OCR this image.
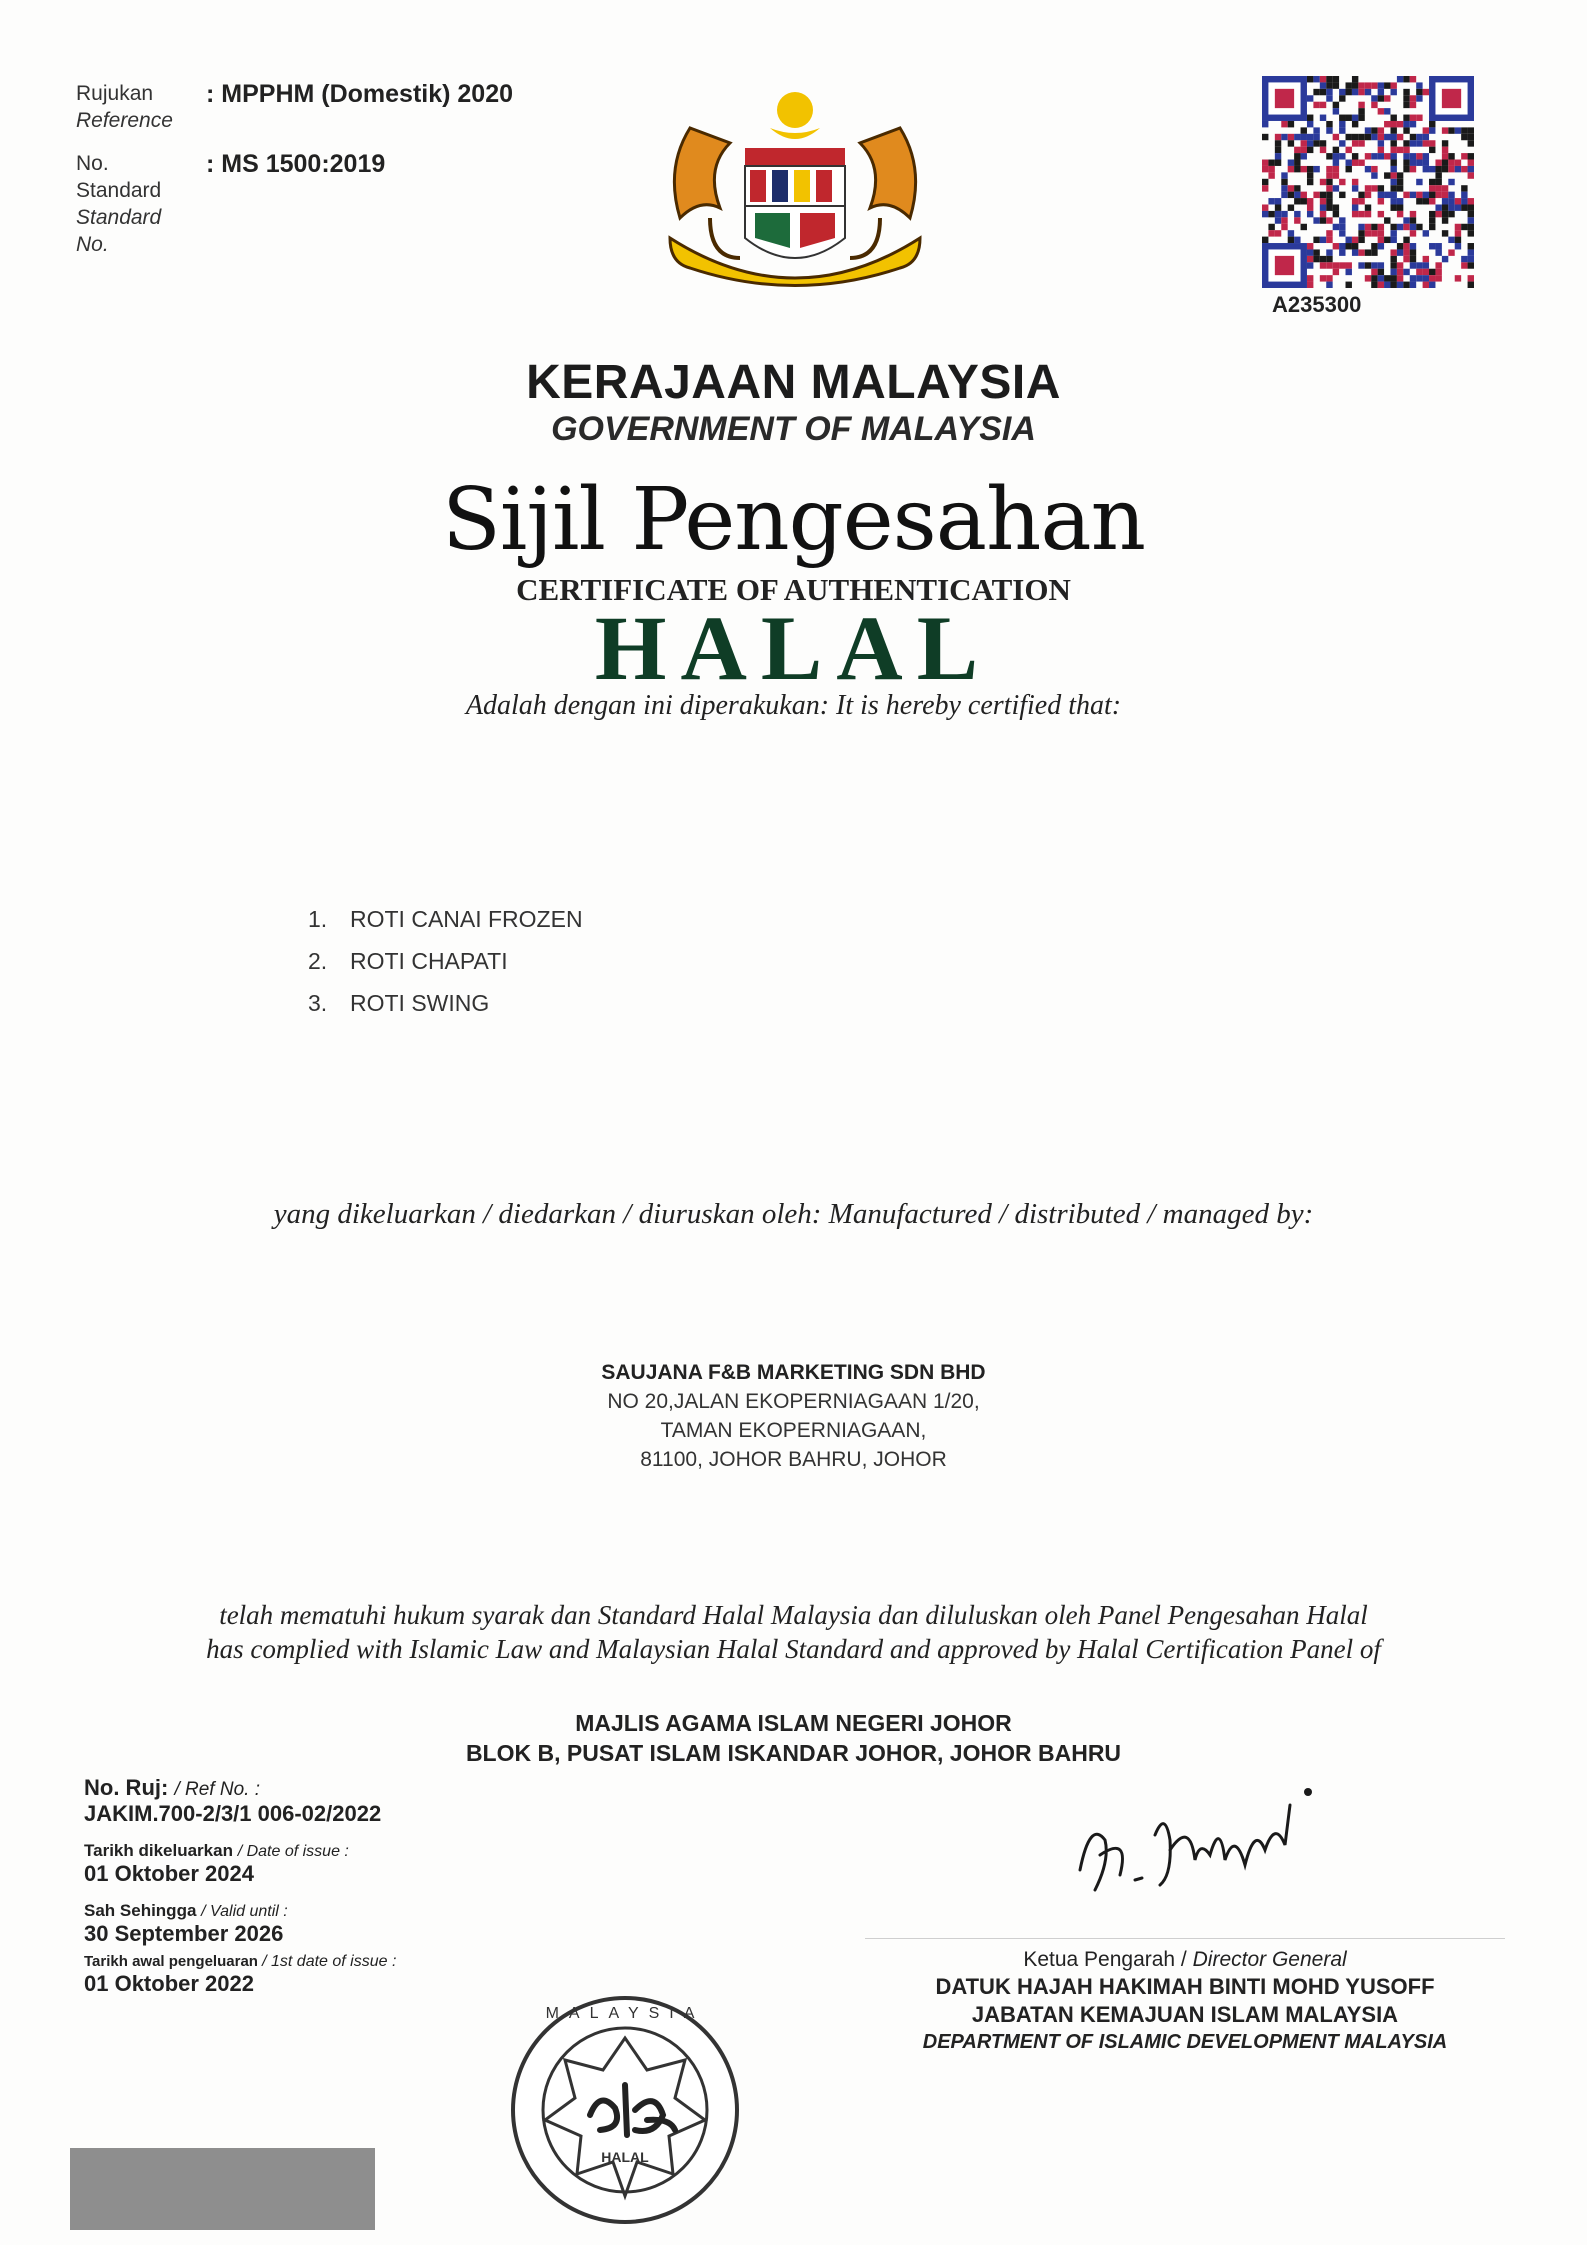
Rujukan
Reference
: MPPHM (Domestik) 2020
No.
Standard
Standard
No.
: MS 1500:2019
A235300
KERAJAAN MALAYSIA
GOVERNMENT OF MALAYSIA
Sijil Pengesahan
CERTIFICATE OF AUTHENTICATION
HALAL
Adalah dengan ini diperakukan: It is hereby certified that:
1. ROTI CANAI FROZEN
2. ROTI CHAPATI
3. ROTI SWING
yang dikeluarkan / diedarkan / diuruskan oleh: Manufactured / distributed / managed by:
SAUJANA F&B MARKETING SDN BHD
NO 20,JALAN EKOPERNIAGAAN 1/20,
TAMAN EKOPERNIAGAAN,
81100, JOHOR BAHRU, JOHOR
telah mematuhi hukum syarak dan Standard Halal Malaysia dan diluluskan oleh Panel Pengesahan Halal
has complied with Islamic Law and Malaysian Halal Standard and approved by Halal Certification Panel of
MAJLIS AGAMA ISLAM NEGERI JOHOR
BLOK B, PUSAT ISLAM ISKANDAR JOHOR, JOHOR BAHRU
No. Ruj: / Ref No. :
JAKIM.700-2/3/1 006-02/2022
Tarikh dikeluarkan / Date of issue :
01 Oktober 2024
Sah Sehingga / Valid until :
30 September 2026
Tarikh awal pengeluaran / 1st date of issue :
01 Oktober 2022
Ketua Pengarah / Director General
DATUK HAJAH HAKIMAH BINTI MOHD YUSOFF
JABATAN KEMAJUAN ISLAM MALAYSIA
DEPARTMENT OF ISLAMIC DEVELOPMENT MALAYSIA
HALAL
MALAYSIA
